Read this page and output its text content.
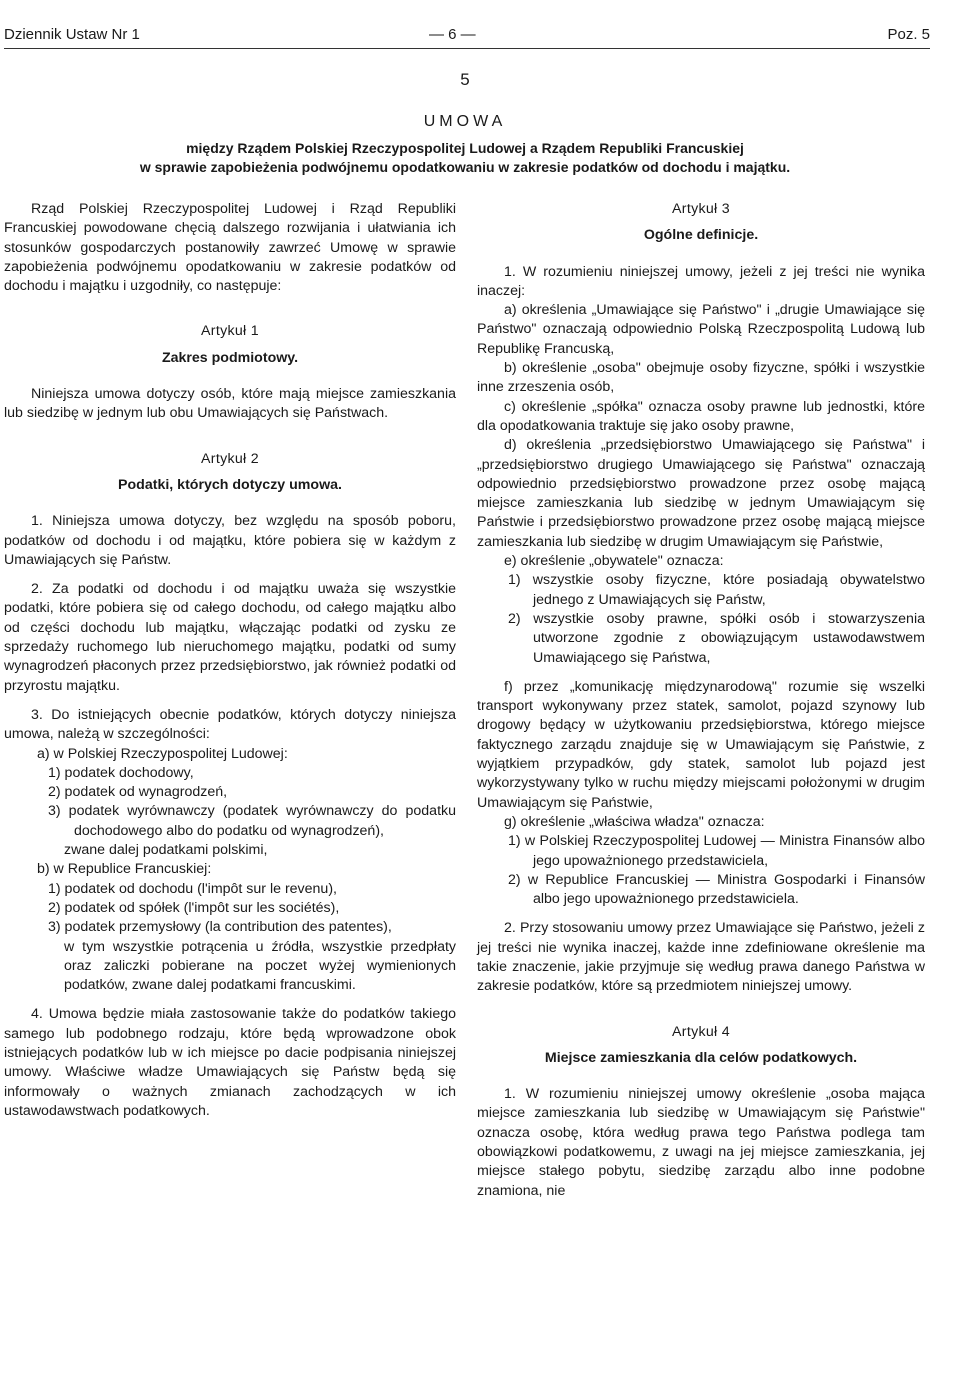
Dziennik Ustaw Nr 1	— 6 —	Poz. 5
5
UMOWA
między Rządem Polskiej Rzeczypospolitej Ludowej a Rządem Republiki Francuskiej
w sprawie zapobieżenia podwójnemu opodatkowaniu w zakresie podatków od dochodu i majątku.

Rząd Polskiej Rzeczypospolitej Ludowej i Rząd Republiki Francuskiej powodowane chęcią dalszego rozwijania i ułatwiania ich stosunków gospodarczych postanowiły zawrzeć Umowę w sprawie zapobieżenia podwójnemu opodatkowaniu w zakresie podatków od dochodu i majątku i uzgodniły, co następuje:

Artykuł 1

Zakres podmiotowy.

Niniejsza umowa dotyczy osób, które mają miejsce zamieszkania lub siedzibę w jednym lub obu Umawiających się Państwach.

Artykuł 2

Podatki, których dotyczy umowa.

1. Niniejsza umowa dotyczy, bez względu na sposób poboru, podatków od dochodu i od majątku, które pobiera się w każdym z Umawiających się Państw.

2. Za podatki od dochodu i od majątku uważa się wszystkie podatki, które pobiera się od całego dochodu, od całego majątku albo od części dochodu lub majątku, włączając podatki od zysku ze sprzedaży ruchomego lub nieruchomego majątku, podatki od sumy wynagrodzeń płaconych przez przedsiębiorstwo, jak również podatki od przyrostu majątku.

3. Do istniejących obecnie podatków, których dotyczy niniejsza umowa, należą w szczególności:

a) w Polskiej Rzeczypospolitej Ludowej:

1) podatek dochodowy,

2) podatek od wynagrodzeń,

3) podatek wyrównawczy (podatek wyrównawczy do podatku dochodowego albo do podatku od wynagrodzeń),

zwane dalej podatkami polskimi,

b) w Republice Francuskiej:

1) podatek od dochodu (l'impôt sur le revenu),

2) podatek od spółek (l'impôt sur les sociétés),

3) podatek przemysłowy (la contribution des patentes),

w tym wszystkie potrącenia u źródła, wszystkie przedpłaty oraz zaliczki pobierane na poczet wyżej wymienionych podatków, zwane dalej podatkami francuskimi.

4. Umowa będzie miała zastosowanie także do podatków takiego samego lub podobnego rodzaju, które będą wprowadzone obok istniejących podatków lub w ich miejsce po dacie podpisania niniejszej umowy. Właściwe władze Umawiających się Państw będą się informowały o ważnych zmianach zachodzących w ich ustawodawstwach podatkowych.

Artykuł 3

Ogólne definicje.

1. W rozumieniu niniejszej umowy, jeżeli z jej treści nie wynika inaczej:

a) określenia „Umawiające się Państwo" i „drugie Umawiające się Państwo" oznaczają odpowiednio Polską Rzeczpospolitą Ludową lub Republikę Francuską,

b) określenie „osoba" obejmuje osoby fizyczne, spółki i wszystkie inne zrzeszenia osób,

c) określenie „spółka" oznacza osoby prawne lub jednostki, które dla opodatkowania traktuje się jako osoby prawne,

d) określenia „przedsiębiorstwo Umawiającego się Państwa" i „przedsiębiorstwo drugiego Umawiającego się Państwa" oznaczają odpowiednio przedsiębiorstwo prowadzone przez osobę mającą miejsce zamieszkania lub siedzibę w jednym Umawiającym się Państwie i przedsiębiorstwo prowadzone przez osobę mającą miejsce zamieszkania lub siedzibę w drugim Umawiającym się Państwie,

e) określenie „obywatele" oznacza:

1) wszystkie osoby fizyczne, które posiadają obywatelstwo jednego z Umawiających się Państw,

2) wszystkie osoby prawne, spółki osób i stowarzyszenia utworzone zgodnie z obowiązującym ustawodawstwem Umawiającego się Państwa,

f) przez „komunikację międzynarodową" rozumie się wszelki transport wykonywany przez statek, samolot, pojazd szynowy lub drogowy będący w użytkowaniu przedsiębiorstwa, którego miejsce faktycznego zarządu znajduje się w Umawiającym się Państwie, z wyjątkiem przypadków, gdy statek, samolot lub pojazd jest wykorzystywany tylko w ruchu między miejscami położonymi w drugim Umawiającym się Państwie,

g) określenie „właściwa władza" oznacza:

1) w Polskiej Rzeczypospolitej Ludowej — Ministra Finansów albo jego upoważnionego przedstawiciela,

2) w Republice Francuskiej — Ministra Gospodarki i Finansów albo jego upoważnionego przedstawiciela.

2. Przy stosowaniu umowy przez Umawiające się Państwo, jeżeli z jej treści nie wynika inaczej, każde inne zdefiniowane określenie ma takie znaczenie, jakie przyjmuje się według prawa danego Państwa w zakresie podatków, które są przedmiotem niniejszej umowy.

Artykuł 4

Miejsce zamieszkania dla celów podatkowych.

1. W rozumieniu niniejszej umowy określenie „osoba mająca miejsce zamieszkania lub siedzibę w Umawiającym się Państwie" oznacza osobę, która według prawa tego Państwa podlega tam obowiązkowi podatkowemu, z uwagi na jej miejsce zamieszkania, jej miejsce stałego pobytu, siedzibę zarządu albo inne podobne znamiona, nie
